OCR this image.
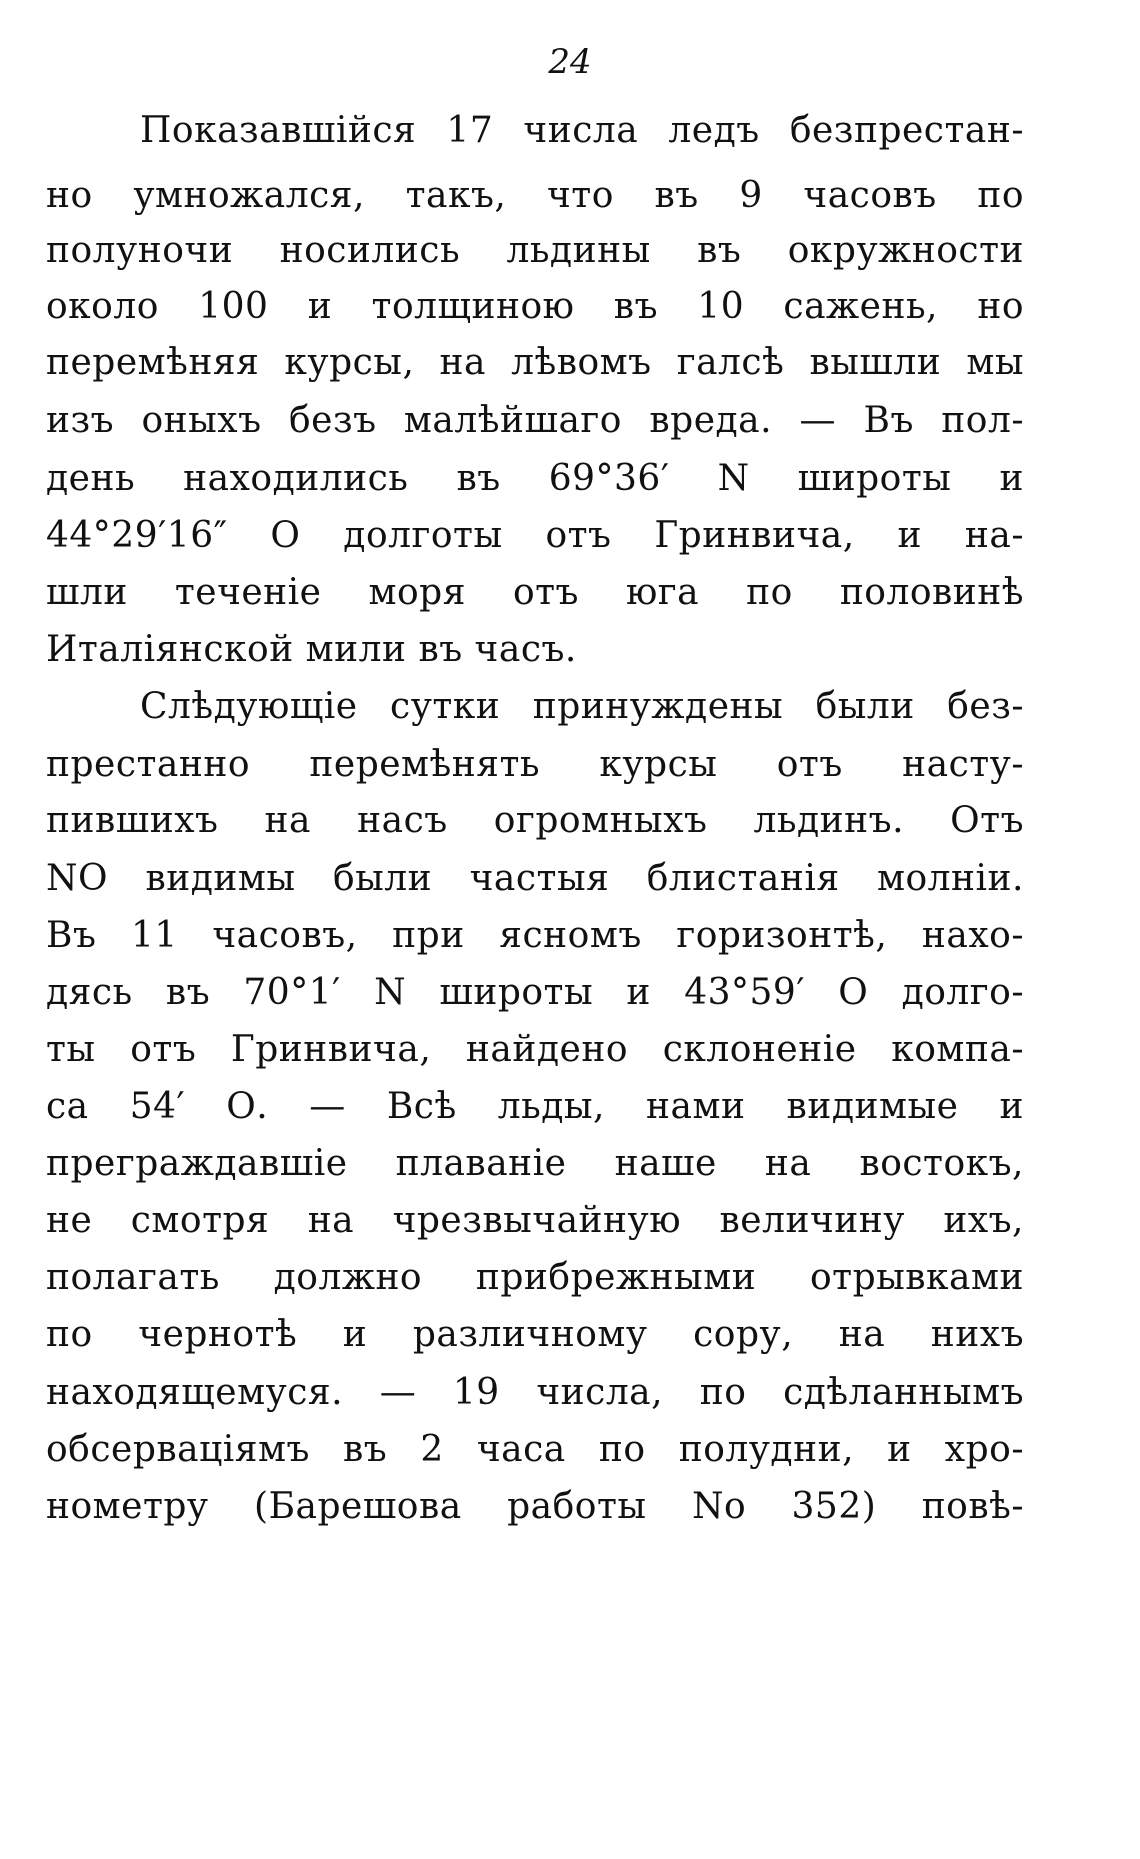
24
Показавшійся 17 числа ледъ безпрестан-
но умножался, такъ, что въ 9 часовъ по
полуночи носились льдины въ окружности
около 100 и толщиною въ 10 сажень, но
перемѣняя курсы, на лѣвомъ галсѣ вышли мы
изъ оныхъ безъ малѣйшаго вреда. — Въ пол-
день находились въ 69°36′ N широты и
44°29′16″ О долготы отъ Гринвича, и на-
шли теченіе моря отъ юга по половинѣ
Италіянской мили въ часъ.
Слѣдующіе сутки принуждены были без-
престанно перемѣнять курсы отъ насту-
пившихъ на насъ огромныхъ льдинъ. Отъ
NO видимы были частыя блистанія молніи.
Въ 11 часовъ, при ясномъ горизонтѣ, нахо-
дясь въ 70°1′ N широты и 43°59′ О долго-
ты отъ Гринвича, найдено склоненіе компа-
са 54′ О. — Всѣ льды, нами видимые и
преграждавшіе плаваніе наше на востокъ,
не смотря на чрезвычайную величину ихъ,
полагать должно прибрежными отрывками
по чернотѣ и различному сору, на нихъ
находящемуся. — 19 числа, по сдѣланнымъ
обсерваціямъ въ 2 часа по полудни, и хро-
нометру (Барешова работы No 352) повѣ-
